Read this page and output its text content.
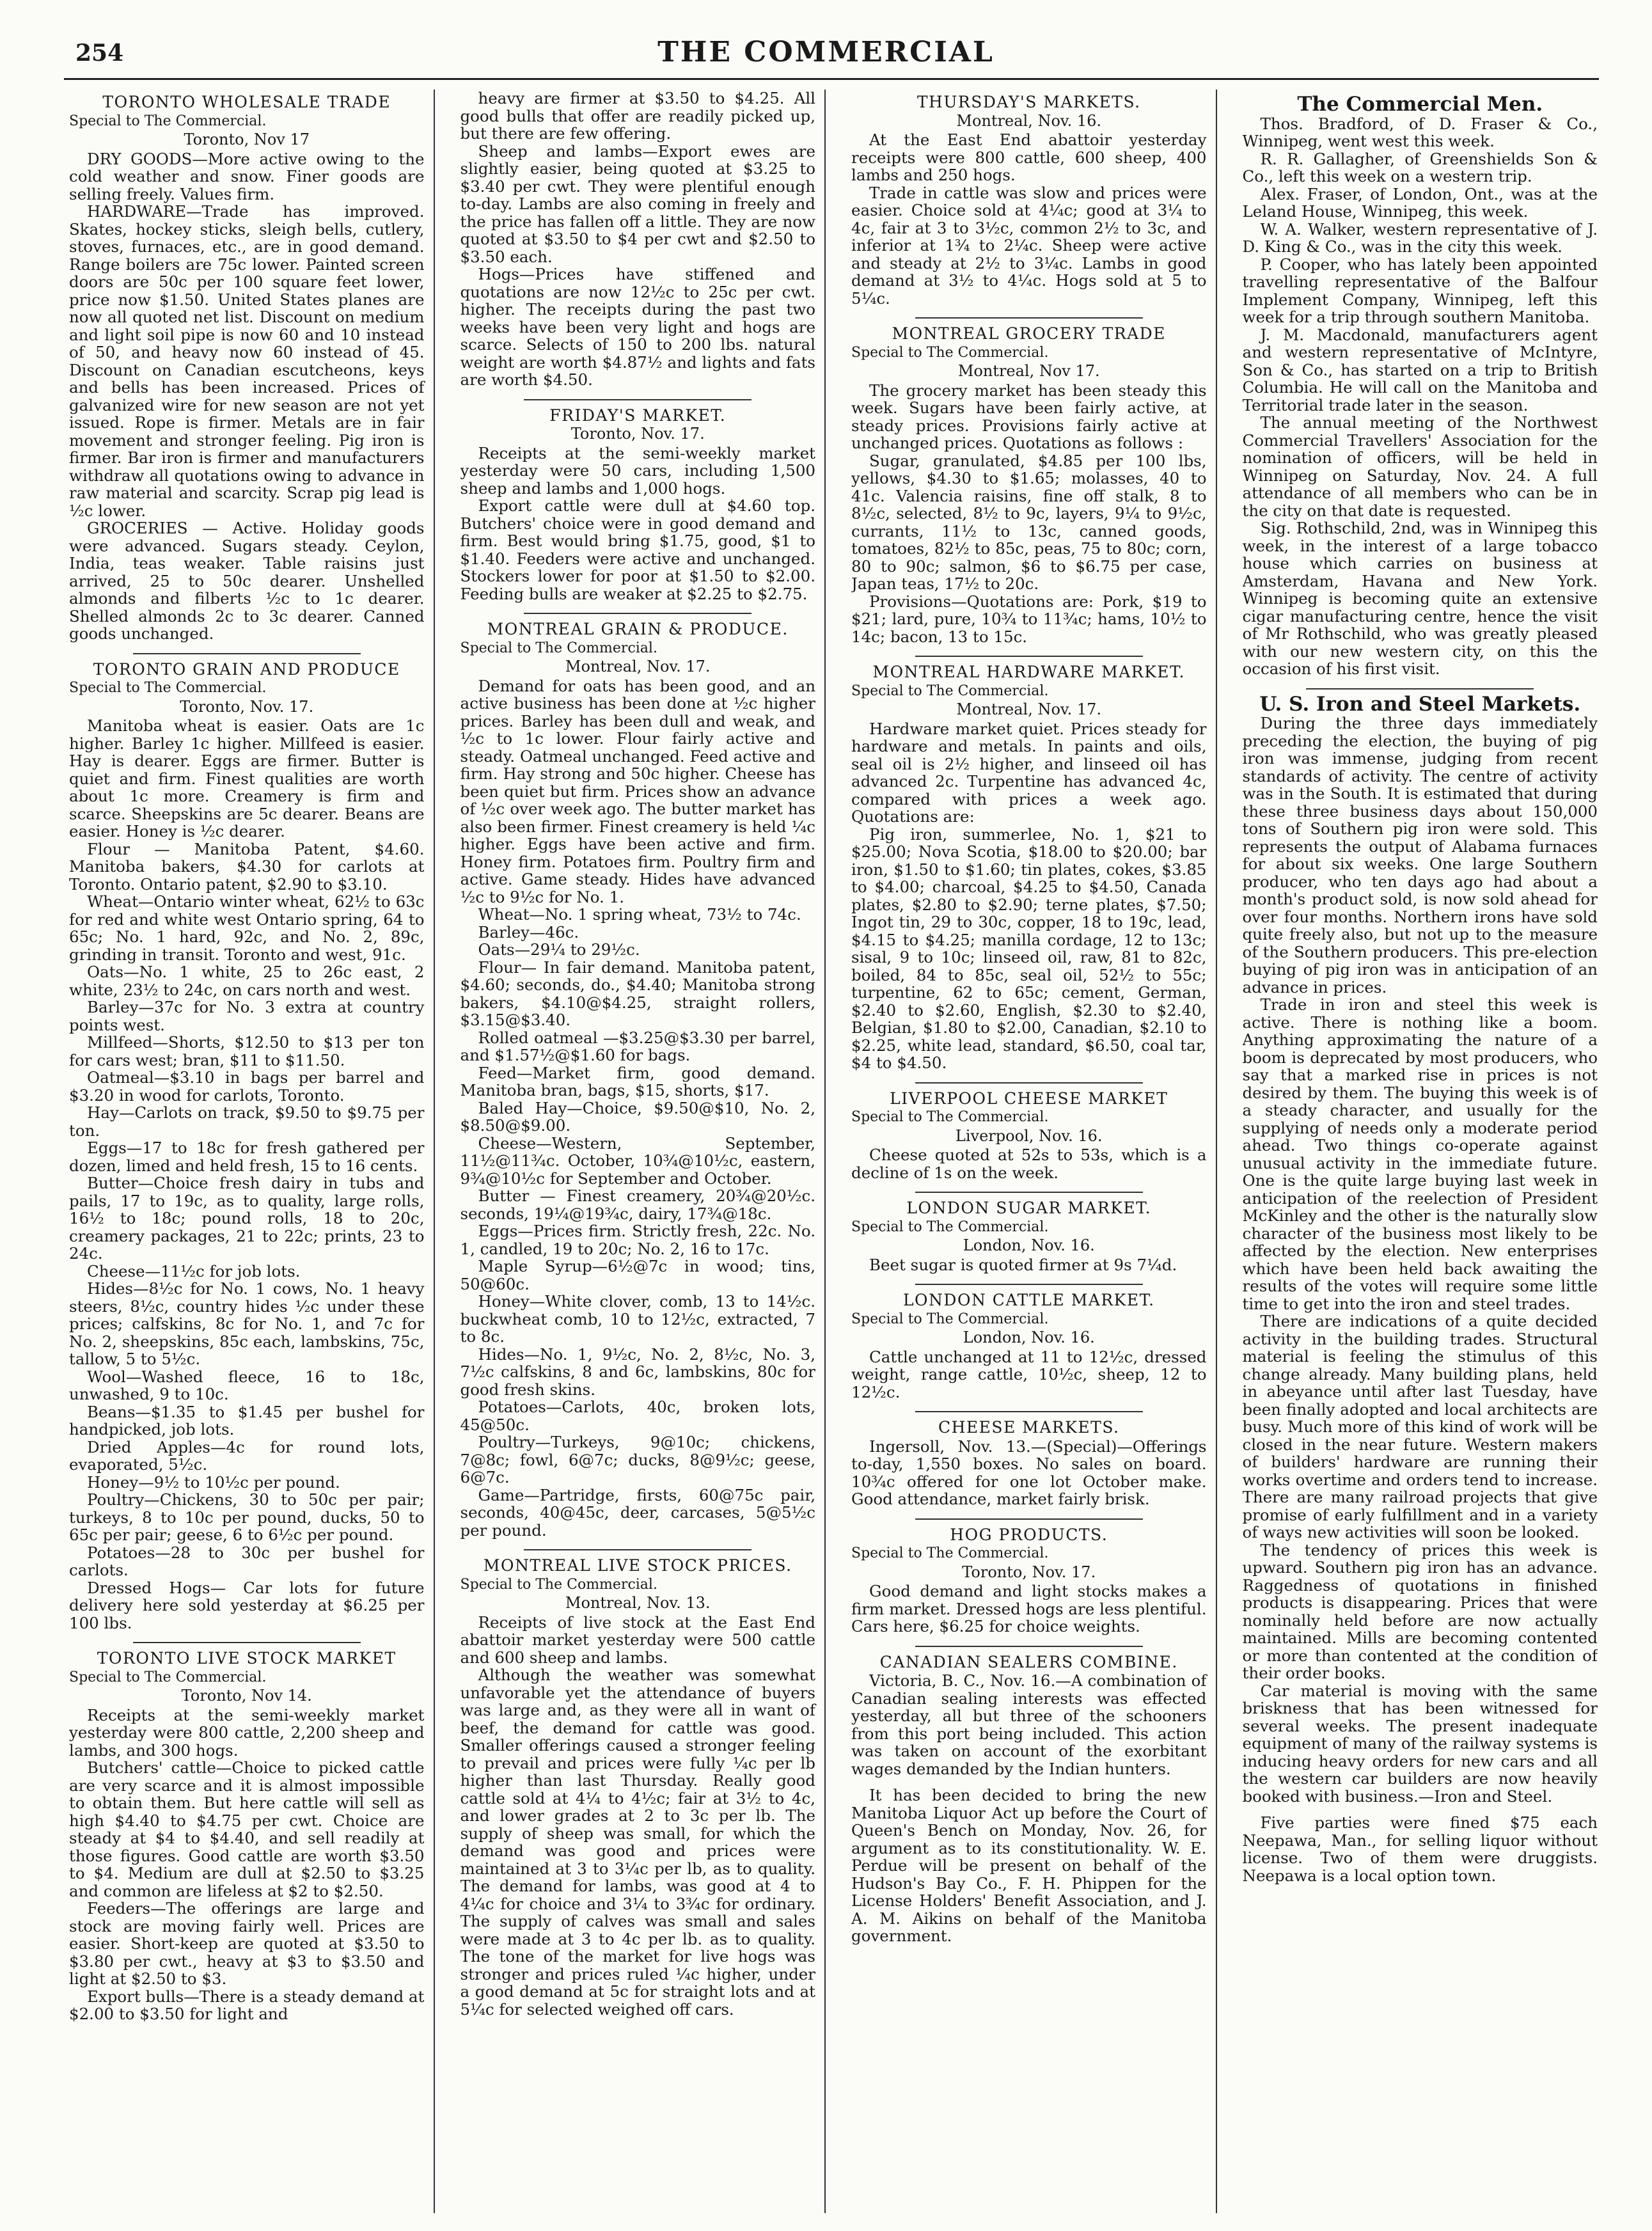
254	THE COMMERCIAL
TORONTO WHOLESALE TRADE
Special to The Commercial.
Toronto, Nov 17

DRY GOODS—More active owing to the cold weather and snow. Finer goods are selling freely. Values firm.

HARDWARE—Trade has improved. Skates, hockey sticks, sleigh bells, cutlery, stoves, furnaces, etc., are in good demand. Range boilers are 75c lower. Painted screen doors are 50c per 100 square feet lower, price now $1.50. United States planes are now all quoted net list. Discount on medium and light soil pipe is now 60 and 10 instead of 50, and heavy now 60 instead of 45. Discount on Canadian escutcheons, keys and bells has been increased. Prices of galvanized wire for new season are not yet issued. Rope is firmer. Metals are in fair movement and stronger feeling. Pig iron is firmer. Bar iron is firmer and manufacturers withdraw all quotations owing to advance in raw material and scarcity. Scrap pig lead is ½c lower.

GROCERIES — Active. Holiday goods were advanced. Sugars steady. Ceylon, India, teas weaker. Table raisins just arrived, 25 to 50c dearer. Unshelled almonds and filberts ½c to 1c dearer. Shelled almonds 2c to 3c dearer. Canned goods unchanged.

TORONTO GRAIN AND PRODUCE
Special to The Commercial.
Toronto, Nov. 17.

Manitoba wheat is easier. Oats are 1c higher. Barley 1c higher. Millfeed is easier. Hay is dearer. Eggs are firmer. Butter is quiet and firm. Finest qualities are worth about 1c more. Creamery is firm and scarce. Sheepskins are 5c dearer. Beans are easier. Honey is ½c dearer.

Flour — Manitoba Patent, $4.60. Manitoba bakers, $4.30 for carlots at Toronto. Ontario patent, $2.90 to $3.10.

Wheat—Ontario winter wheat, 62½ to 63c for red and white west Ontario spring, 64 to 65c; No. 1 hard, 92c, and No. 2, 89c, grinding in transit. Toronto and west, 91c.

Oats—No. 1 white, 25 to 26c east, 2 white, 23½ to 24c, on cars north and west.

Barley—37c for No. 3 extra at country points west.

Millfeed—Shorts, $12.50 to $13 per ton for cars west; bran, $11 to $11.50.

Oatmeal—$3.10 in bags per barrel and $3.20 in wood for carlots, Toronto.

Hay—Carlots on track, $9.50 to $9.75 per ton.

Eggs—17 to 18c for fresh gathered per dozen, limed and held fresh, 15 to 16 cents.

Butter—Choice fresh dairy in tubs and pails, 17 to 19c, as to quality, large rolls, 16½ to 18c; pound rolls, 18 to 20c, creamery packages, 21 to 22c; prints, 23 to 24c.

Cheese—11½c for job lots.

Hides—8½c for No. 1 cows, No. 1 heavy steers, 8½c, country hides ½c under these prices; calfskins, 8c for No. 1, and 7c for No. 2, sheepskins, 85c each, lambskins, 75c, tallow, 5 to 5½c.

Wool—Washed fleece, 16 to 18c, unwashed, 9 to 10c.

Beans—$1.35 to $1.45 per bushel for handpicked, job lots.

Dried Apples—4c for round lots, evaporated, 5½c.

Honey—9½ to 10½c per pound.

Poultry—Chickens, 30 to 50c per pair; turkeys, 8 to 10c per pound, ducks, 50 to 65c per pair; geese, 6 to 6½c per pound.

Potatoes—28 to 30c per bushel for carlots.

Dressed Hogs— Car lots for future delivery here sold yesterday at $6.25 per 100 lbs.

TORONTO LIVE STOCK MARKET
Special to The Commercial.
Toronto, Nov 14.

Receipts at the semi-weekly market yesterday were 800 cattle, 2,200 sheep and lambs, and 300 hogs.

Butchers' cattle—Choice to picked cattle are very scarce and it is almost impossible to obtain them. But here cattle will sell as high $4.40 to $4.75 per cwt. Choice are steady at $4 to $4.40, and sell readily at those figures. Good cattle are worth $3.50 to $4. Medium are dull at $2.50 to $3.25 and common are lifeless at $2 to $2.50.

Feeders—The offerings are large and stock are moving fairly well. Prices are easier. Short-keep are quoted at $3.50 to $3.80 per cwt., heavy at $3 to $3.50 and light at $2.50 to $3.

Export bulls—There is a steady demand at $2.00 to $3.50 for light and

heavy are firmer at $3.50 to $4.25. All good bulls that offer are readily picked up, but there are few offering.

Sheep and lambs—Export ewes are slightly easier, being quoted at $3.25 to $3.40 per cwt. They were plentiful enough to-day. Lambs are also coming in freely and the price has fallen off a little. They are now quoted at $3.50 to $4 per cwt and $2.50 to $3.50 each.

Hogs—Prices have stiffened and quotations are now 12½c to 25c per cwt. higher. The receipts during the past two weeks have been very light and hogs are scarce. Selects of 150 to 200 lbs. natural weight are worth $4.87½ and lights and fats are worth $4.50.

FRIDAY'S MARKET.
Toronto, Nov. 17.

Receipts at the semi-weekly market yesterday were 50 cars, including 1,500 sheep and lambs and 1,000 hogs.

Export cattle were dull at $4.60 top. Butchers' choice were in good demand and firm. Best would bring $1.75, good, $1 to $1.40. Feeders were active and unchanged. Stockers lower for poor at $1.50 to $2.00. Feeding bulls are weaker at $2.25 to $2.75.

MONTREAL GRAIN & PRODUCE.
Special to The Commercial.
Montreal, Nov. 17.

Demand for oats has been good, and an active business has been done at ½c higher prices. Barley has been dull and weak, and ½c to 1c lower. Flour fairly active and steady. Oatmeal unchanged. Feed active and firm. Hay strong and 50c higher. Cheese has been quiet but firm. Prices show an advance of ½c over week ago. The butter market has also been firmer. Finest creamery is held ¼c higher. Eggs have been active and firm. Honey firm. Potatoes firm. Poultry firm and active. Game steady. Hides have advanced ½c to 9½c for No. 1.

Wheat—No. 1 spring wheat, 73½ to 74c.

Barley—46c.

Oats—29¼ to 29½c.

Flour— In fair demand. Manitoba patent, $4.60; seconds, do., $4.40; Manitoba strong bakers, $4.10@$4.25, straight rollers, $3.15@$3.40.

Rolled oatmeal —$3.25@$3.30 per barrel, and $1.57½@$1.60 for bags.

Feed—Market firm, good demand. Manitoba bran, bags, $15, shorts, $17.

Baled Hay—Choice, $9.50@$10, No. 2, $8.50@$9.00.

Cheese—Western, September, 11½@11¾c. October, 10¾@10½c, eastern, 9¾@10½c for September and October.

Butter — Finest creamery, 20¾@20½c. seconds, 19¼@19¾c, dairy, 17¾@18c.

Eggs—Prices firm. Strictly fresh, 22c. No. 1, candled, 19 to 20c; No. 2, 16 to 17c.

Maple Syrup—6½@7c in wood; tins, 50@60c.

Honey—White clover, comb, 13 to 14½c. buckwheat comb, 10 to 12½c, extracted, 7 to 8c.

Hides—No. 1, 9½c, No. 2, 8½c, No. 3, 7½c calfskins, 8 and 6c, lambskins, 80c for good fresh skins.

Potatoes—Carlots, 40c, broken lots, 45@50c.

Poultry—Turkeys, 9@10c; chickens, 7@8c; fowl, 6@7c; ducks, 8@9½c; geese, 6@7c.

Game—Partridge, firsts, 60@75c pair, seconds, 40@45c, deer, carcases, 5@5½c per pound.

MONTREAL LIVE STOCK PRICES.
Special to The Commercial.
Montreal, Nov. 13.

Receipts of live stock at the East End abattoir market yesterday were 500 cattle and 600 sheep and lambs.

Although the weather was somewhat unfavorable yet the attendance of buyers was large and, as they were all in want of beef, the demand for cattle was good. Smaller offerings caused a stronger feeling to prevail and prices were fully ¼c per lb higher than last Thursday. Really good cattle sold at 4¼ to 4½c; fair at 3½ to 4c, and lower grades at 2 to 3c per lb. The supply of sheep was small, for which the demand was good and prices were maintained at 3 to 3¼c per lb, as to quality. The demand for lambs, was good at 4 to 4¼c for choice and 3¼ to 3¾c for ordinary. The supply of calves was small and sales were made at 3 to 4c per lb. as to quality. The tone of the market for live hogs was stronger and prices ruled ¼c higher, under a good demand at 5c for straight lots and at 5¼c for selected weighed off cars.

THURSDAY'S MARKETS.
Montreal, Nov. 16.

At the East End abattoir yesterday receipts were 800 cattle, 600 sheep, 400 lambs and 250 hogs.

Trade in cattle was slow and prices were easier. Choice sold at 4¼c; good at 3¼ to 4c, fair at 3 to 3½c, common 2½ to 3c, and inferior at 1¾ to 2¼c. Sheep were active and steady at 2½ to 3¼c. Lambs in good demand at 3½ to 4¼c. Hogs sold at 5 to 5¼c.

MONTREAL GROCERY TRADE
Special to The Commercial.
Montreal, Nov 17.

The grocery market has been steady this week. Sugars have been fairly active, at steady prices. Provisions fairly active at unchanged prices. Quotations as follows :

Sugar, granulated, $4.85 per 100 lbs, yellows, $4.30 to $1.65; molasses, 40 to 41c. Valencia raisins, fine off stalk, 8 to 8½c, selected, 8½ to 9c, layers, 9¼ to 9½c, currants, 11½ to 13c, canned goods, tomatoes, 82½ to 85c, peas, 75 to 80c; corn, 80 to 90c; salmon, $6 to $6.75 per case, Japan teas, 17½ to 20c.

Provisions—Quotations are: Pork, $19 to $21; lard, pure, 10¾ to 11¾c; hams, 10½ to 14c; bacon, 13 to 15c.

MONTREAL HARDWARE MARKET.
Special to The Commercial.
Montreal, Nov. 17.

Hardware market quiet. Prices steady for hardware and metals. In paints and oils, seal oil is 2½ higher, and linseed oil has advanced 2c. Turpentine has advanced 4c, compared with prices a week ago. Quotations are:

Pig iron, summerlee, No. 1, $21 to $25.00; Nova Scotia, $18.00 to $20.00; bar iron, $1.50 to $1.60; tin plates, cokes, $3.85 to $4.00; charcoal, $4.25 to $4.50, Canada plates, $2.80 to $2.90; terne plates, $7.50; Ingot tin, 29 to 30c, copper, 18 to 19c, lead, $4.15 to $4.25; manilla cordage, 12 to 13c; sisal, 9 to 10c; linseed oil, raw, 81 to 82c, boiled, 84 to 85c, seal oil, 52½ to 55c; turpentine, 62 to 65c; cement, German, $2.40 to $2.60, English, $2.30 to $2.40, Belgian, $1.80 to $2.00, Canadian, $2.10 to $2.25, white lead, standard, $6.50, coal tar, $4 to $4.50.

LIVERPOOL CHEESE MARKET
Special to The Commercial.
Liverpool, Nov. 16.

Cheese quoted at 52s to 53s, which is a decline of 1s on the week.

LONDON SUGAR MARKET.
Special to The Commercial.
London, Nov. 16.

Beet sugar is quoted firmer at 9s 7¼d.

LONDON CATTLE MARKET.
Special to The Commercial.
London, Nov. 16.

Cattle unchanged at 11 to 12½c, dressed weight, range cattle, 10½c, sheep, 12 to 12½c.

CHEESE MARKETS.

Ingersoll, Nov. 13.—(Special)—Offerings to-day, 1,550 boxes. No sales on board. 10¾c offered for one lot October make. Good attendance, market fairly brisk.

HOG PRODUCTS.
Special to The Commercial.
Toronto, Nov. 17.

Good demand and light stocks makes a firm market. Dressed hogs are less plentiful. Cars here, $6.25 for choice weights.

CANADIAN SEALERS COMBINE.

Victoria, B. C., Nov. 16.—A combination of Canadian sealing interests was effected yesterday, all but three of the schooners from this port being included. This action was taken on account of the exorbitant wages demanded by the Indian hunters.

It has been decided to bring the new Manitoba Liquor Act up before the Court of Queen's Bench on Monday, Nov. 26, for argument as to its constitutionality. W. E. Perdue will be present on behalf of the Hudson's Bay Co., F. H. Phippen for the License Holders' Benefit Association, and J. A. M. Aikins on behalf of the Manitoba government.

The Commercial Men.

Thos. Bradford, of D. Fraser & Co., Winnipeg, went west this week.

R. R. Gallagher, of Greenshields Son & Co., left this week on a western trip.

Alex. Fraser, of London, Ont., was at the Leland House, Winnipeg, this week.

W. A. Walker, western representative of J. D. King & Co., was in the city this week.

P. Cooper, who has lately been appointed travelling representative of the Balfour Implement Company, Winnipeg, left this week for a trip through southern Manitoba.

J. M. Macdonald, manufacturers agent and western representative of McIntyre, Son & Co., has started on a trip to British Columbia. He will call on the Manitoba and Territorial trade later in the season.

The annual meeting of the Northwest Commercial Travellers' Association for the nomination of officers, will be held in Winnipeg on Saturday, Nov. 24. A full attendance of all members who can be in the city on that date is requested.

Sig. Rothschild, 2nd, was in Winnipeg this week, in the interest of a large tobacco house which carries on business at Amsterdam, Havana and New York. Winnipeg is becoming quite an extensive cigar manufacturing centre, hence the visit of Mr Rothschild, who was greatly pleased with our new western city, on this the occasion of his first visit.

U. S. Iron and Steel Markets.

During the three days immediately preceding the election, the buying of pig iron was immense, judging from recent standards of activity. The centre of activity was in the South. It is estimated that during these three business days about 150,000 tons of Southern pig iron were sold. This represents the output of Alabama furnaces for about six weeks. One large Southern producer, who ten days ago had about a month's product sold, is now sold ahead for over four months. Northern irons have sold quite freely also, but not up to the measure of the Southern producers. This pre-election buying of pig iron was in anticipation of an advance in prices.

Trade in iron and steel this week is active. There is nothing like a boom. Anything approximating the nature of a boom is deprecated by most producers, who say that a marked rise in prices is not desired by them. The buying this week is of a steady character, and usually for the supplying of needs only a moderate period ahead. Two things co-operate against unusual activity in the immediate future. One is the quite large buying last week in anticipation of the reelection of President McKinley and the other is the naturally slow character of the business most likely to be affected by the election. New enterprises which have been held back awaiting the results of the votes will require some little time to get into the iron and steel trades.

There are indications of a quite decided activity in the building trades. Structural material is feeling the stimulus of this change already. Many building plans, held in abeyance until after last Tuesday, have been finally adopted and local architects are busy. Much more of this kind of work will be closed in the near future. Western makers of builders' hardware are running their works overtime and orders tend to increase. There are many railroad projects that give promise of early fulfillment and in a variety of ways new activities will soon be looked.

The tendency of prices this week is upward. Southern pig iron has an advance. Raggedness of quotations in finished products is disappearing. Prices that were nominally held before are now actually maintained. Mills are becoming contented or more than contented at the condition of their order books.

Car material is moving with the same briskness that has been witnessed for several weeks. The present inadequate equipment of many of the railway systems is inducing heavy orders for new cars and all the western car builders are now heavily booked with business.—Iron and Steel.

Five parties were fined $75 each Neepawa, Man., for selling liquor without license. Two of them were druggists. Neepawa is a local option town.
